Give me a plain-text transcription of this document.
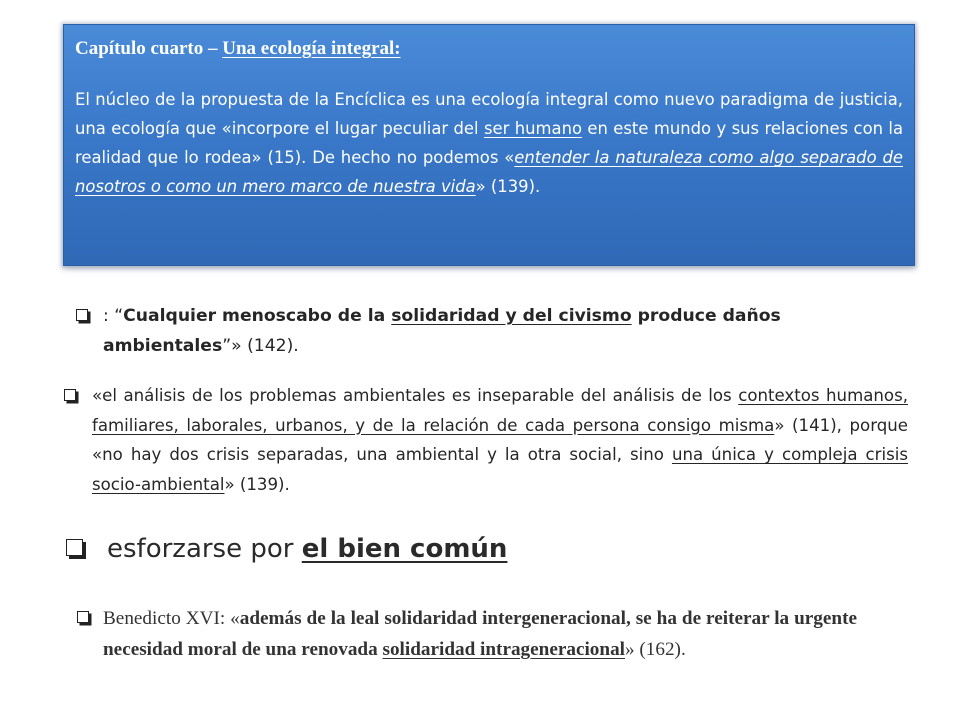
Capítulo cuarto – Una ecología integral:

El núcleo de la propuesta de la Encíclica es una ecología integral como nuevo paradigma de justicia, una ecología que «incorpore el lugar peculiar del ser humano en este mundo y sus relaciones con la realidad que lo rodea» (15). De hecho no podemos «entender la naturaleza como algo separado de nosotros o como un mero marco de nuestra vida» (139).

: “Cualquier menoscabo de la solidaridad y del civismo produce daños ambientales”» (142).
«el análisis de los problemas ambientales es inseparable del análisis de los contextos humanos, familiares, laborales, urbanos, y de la relación de cada persona consigo misma» (141), porque «no hay dos crisis separadas, una ambiental y la otra social, sino una única y compleja crisis socio-ambiental» (139).
esforzarse por el bien común
Benedicto XVI: «además de la leal solidaridad intergeneracional, se ha de reiterar la urgente necesidad moral de una renovada solidaridad intrageneracional» (162).
